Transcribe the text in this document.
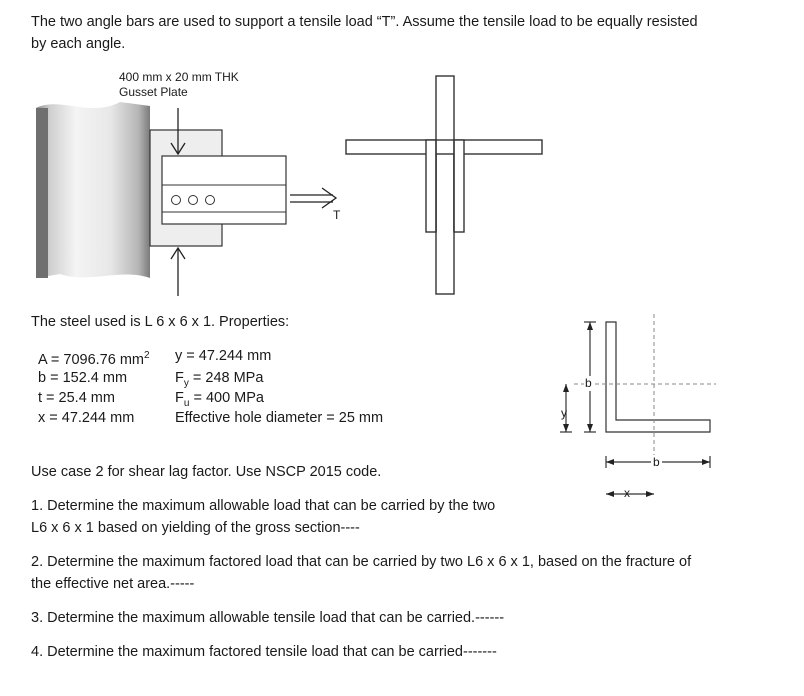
The two angle bars are used to support a tensile load “T”. Assume the tensile load to be equally resisted
by each angle.
400 mm x 20 mm THK
Gusset Plate
T
b
y
b
x
The steel used is L 6 x 6 x 1. Properties:
A = 7096.76 $mm^2$
b = 152.4 mm
t = 25.4 mm
x = 47.244 mm
y = 47.244 mm
$F_y = 248$ MPa
$F_u = 400$ MPa
Effective hole diameter = 25 mm
Use case 2 for shear lag factor. Use NSCP 2015 code.
1. Determine the maximum allowable load that can be carried by the two
L6 x 6 x 1 based on yielding of the gross section----
2. Determine the maximum factored load that can be carried by two L6 x 6 x 1, based on the fracture of
the effective net area.-----
3. Determine the maximum allowable tensile load that can be carried.------
4. Determine the maximum factored tensile load that can be carried-------
